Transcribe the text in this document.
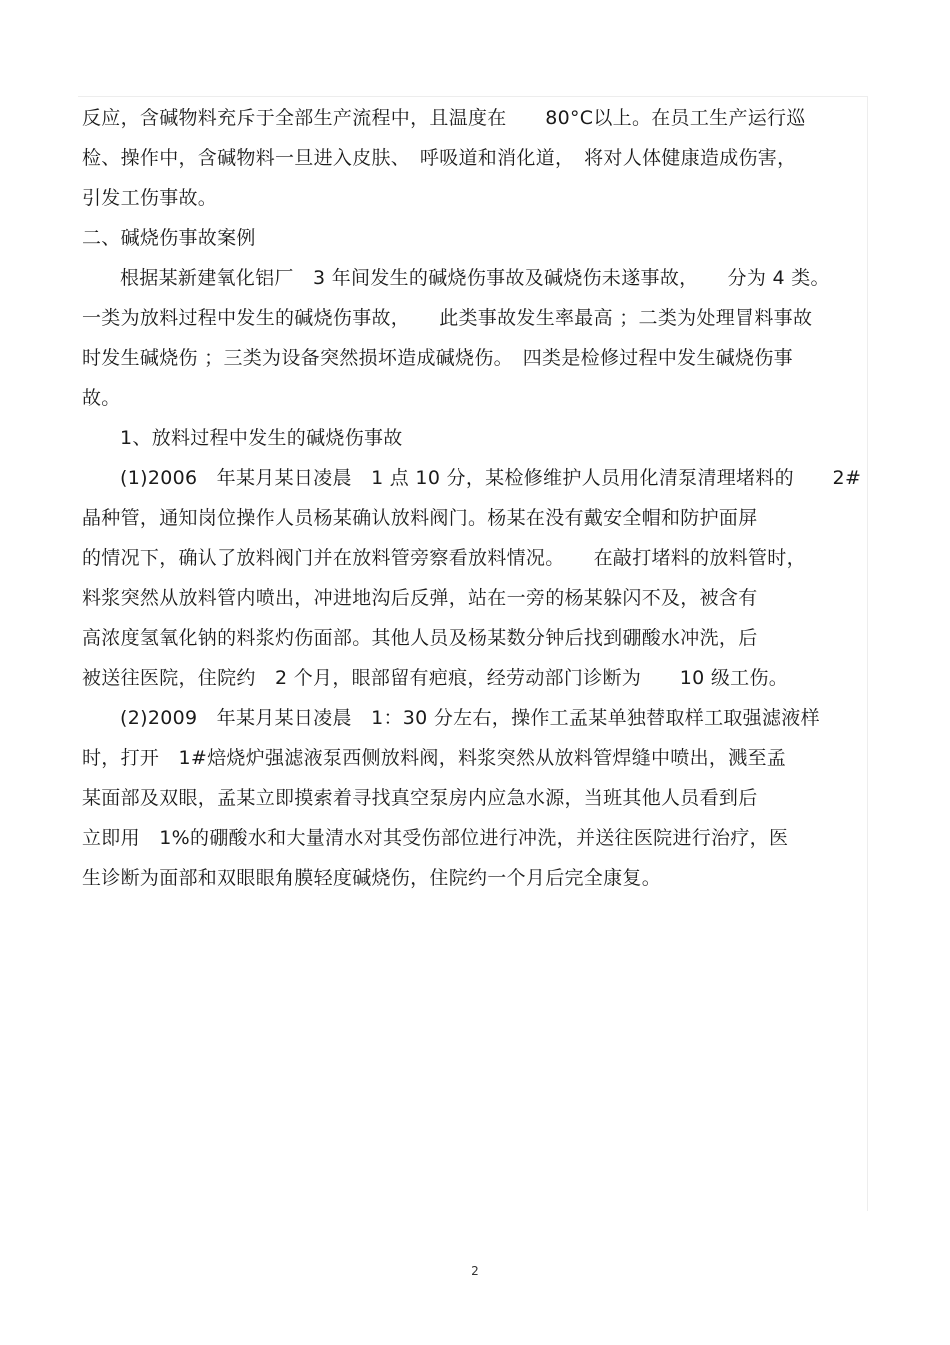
反应，含碱物料充斥于全部生产流程中，且温度在　　80°C以上。在员工生产运行巡
检、操作中，含碱物料一旦进入皮肤、　呼吸道和消化道，　将对人体健康造成伤害，
引发工伤事故。

二、碱烧伤事故案例

根据某新建氧化铝厂　3 年间发生的碱烧伤事故及碱烧伤未遂事故，　　分为 4 类。
一类为放料过程中发生的碱烧伤事故，　　此类事故发生率最高 ；二类为处理冒料事故
时发生碱烧伤 ；三类为设备突然损坏造成碱烧伤。　四类是检修过程中发生碱烧伤事
故。

1、放料过程中发生的碱烧伤事故

(1)2006　年某月某日凌晨　1 点 10 分，某检修维护人员用化清泵清理堵料的　　2#
晶种管，通知岗位操作人员杨某确认放料阀门。杨某在没有戴安全帽和防护面屏
的情况下，确认了放料阀门并在放料管旁察看放料情况。　　在敲打堵料的放料管时，
料浆突然从放料管内喷出，冲进地沟后反弹，站在一旁的杨某躲闪不及，被含有
高浓度氢氧化钠的料浆灼伤面部。其他人员及杨某数分钟后找到硼酸水冲洗，后
被送往医院，住院约　2 个月，眼部留有疤痕，经劳动部门诊断为　　10 级工伤。

(2)2009　年某月某日凌晨　1：30 分左右，操作工孟某单独替取样工取强滤液样
时，打开　1#焙烧炉强滤液泵西侧放料阀，料浆突然从放料管焊缝中喷出，溅至孟
某面部及双眼，孟某立即摸索着寻找真空泵房内应急水源，当班其他人员看到后
立即用　1%的硼酸水和大量清水对其受伤部位进行冲洗，并送往医院进行治疗，医
生诊断为面部和双眼眼角膜轻度碱烧伤，住院约一个月后完全康复。

2
